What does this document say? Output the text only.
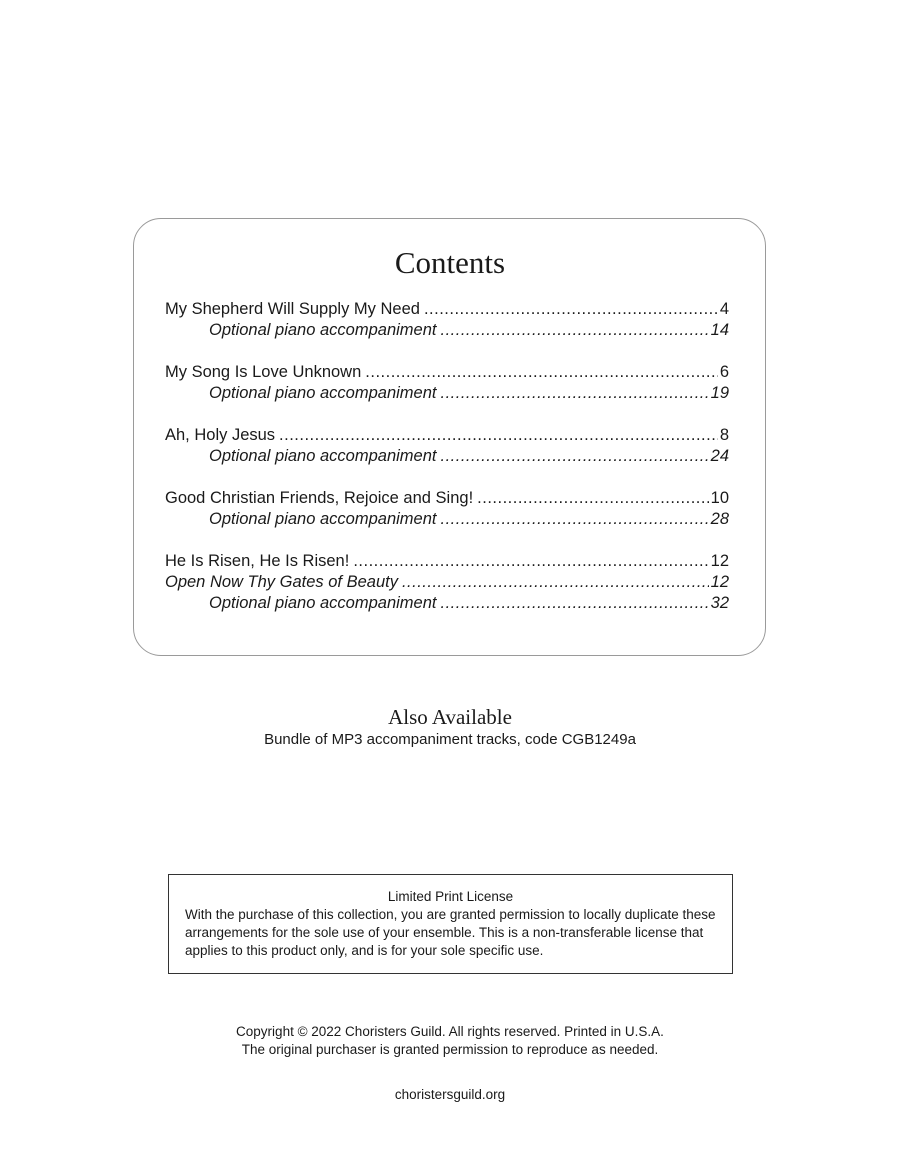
Contents
My Shepherd Will Supply My Need .....	4
Optional piano accompaniment .....	14
My Song Is Love Unknown .....	6
Optional piano accompaniment .....	19
Ah, Holy Jesus .....	8
Optional piano accompaniment .....	24
Good Christian Friends, Rejoice and Sing! .....	10
Optional piano accompaniment .....	28
He Is Risen, He Is Risen! .....	12
Open Now Thy Gates of Beauty .....	12
Optional piano accompaniment .....	32
Also Available
Bundle of MP3 accompaniment tracks, code CGB1249a
Limited Print License
With the purchase of this collection, you are granted permission to locally duplicate these arrangements for the sole use of your ensemble. This is a non-transferable license that applies to this product only, and is for your sole specific use.
Copyright © 2022 Choristers Guild. All rights reserved. Printed in U.S.A.
The original purchaser is granted permission to reproduce as needed.
choristersguild.org
